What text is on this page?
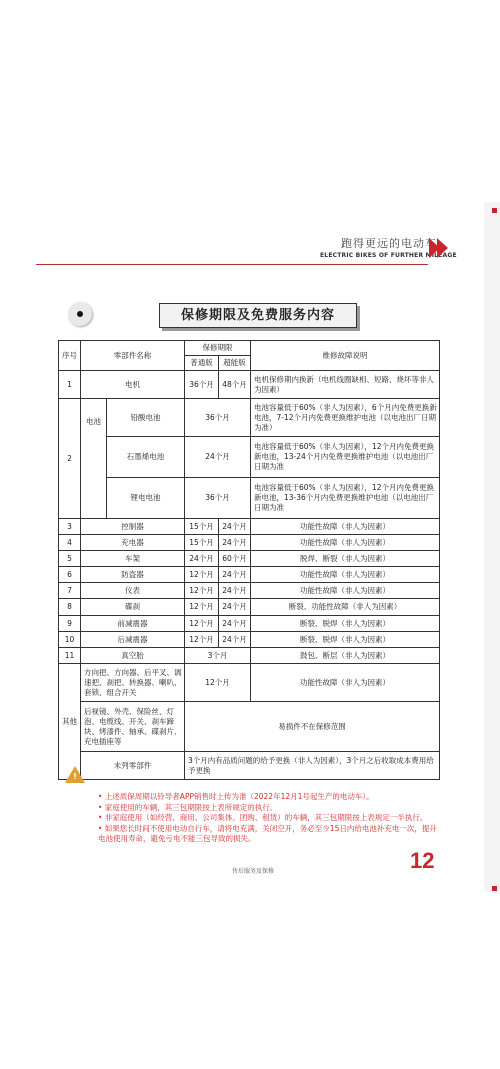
跑得更远的电动车
ELECTRIC BIKES OF FURTHER MILEAGE
保修期限及免费服务内容
序号	零部件名称		保修期限		维修故障说明
			普通版	超能版	
1	电机		36个月	48个月	电机保修期内换新（电机线圈缺相、短路、烧坏等非人为因素）
2	电池	铅酸电池	36个月		电池容量低于60%（非人为因素），6个月内免费更换新电池，7-12个月内免费更换维护电池（以电池出厂日期为准）
		石墨烯电池	24个月		电池容量低于60%（非人为因素），12个月内免费更换新电池，13-24个月内免费更换维护电池（以电池出厂日期为准
		锂电电池	36个月		电池容量低于60%（非人为因素），12个月内免费更换新电池，13-36个月内免费更换维护电池（以电池出厂日期为准
3	控制器		15个月	24个月	功能性故障（非人为因素）
4	充电器		15个月	24个月	功能性故障（非人为因素）
5	车架		24个月	60个月	脱焊、断裂（非人为因素）
6	防盗器		12个月	24个月	功能性故障（非人为因素）
7	仪表		12个月	24个月	功能性故障（非人为因素）
8	碟刹		12个月	24个月	断裂、功能性故障（非人为因素）
9	前减震器		12个月	24个月	断裂、脱焊（非人为因素）
10	后减震器		12个月	24个月	断裂、脱焊（非人为因素）
11	真空胎		3个月		鼓包、断层（非人为因素）
其他	方向把、方向器、后平叉、调速把、刹把、转换器、喇叭、套锁、组合开关		12个月		功能性故障（非人为因素）
	后视镜、外壳、保险丝、灯泡、电缆线、开关、刹车蹄块、烤漆件、轴承、碟刹片、充电插座等		易损件不在保修范围		
	未列零部件		3个月内有品质问题的给予更换（非人为因素），3个月之后收取成本费用给予更换		
!

• 上述质保周期以铃导者APP销售时上传为准（2022年12月1号起生产的电动车）。

• 家庭使用的车辆，其三包期限按上表所规定的执行。

• 非家庭使用（如经营、商用、公司集体、团购、租赁）的车辆，其三包期限按上表规定一半执行。

• 如果您长时间不使用电动自行车，请将电充满，关闭空开，务必至少15日内给电池补充电一次，提升电池使用寿命，避免亏电不能三包导致的损失。

12
售后服务及保修
